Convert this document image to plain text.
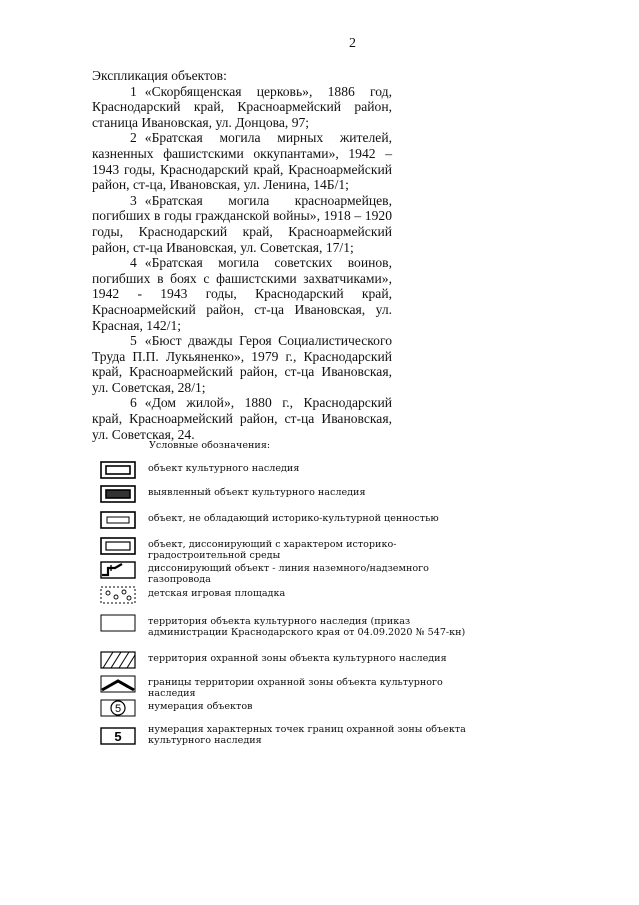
2

Экспликация объектов:

1 «Скорбященская церковь», 1886 год, Краснодарский край, Красноармейский район, станица Ивановская, ул. Донцова, 97;
2 «Братская могила мирных жителей, казненных фашистскими оккупантами», 1942 – 1943 годы, Краснодарский край, Красноармейский район, ст-ца, Ивановская, ул. Ленина, 14Б/1;
3 «Братская могила красноармейцев, погибших в годы гражданской войны», 1918 – 1920 годы, Краснодарский край, Красноармейский район, ст-ца Ивановская, ул. Советская, 17/1;
4 «Братская могила советских воинов, погибших в боях с фашистскими захватчиками», 1942 - 1943 годы, Краснодарский край, Красноармейский район, ст-ца Ивановская, ул. Красная, 142/1;
5 «Бюст дважды Героя Социалистического Труда П.П. Лукьяненко», 1979 г., Краснодарский край, Красноармейский район, ст-ца Ивановская, ул. Советская, 28/1;
6 «Дом жилой», 1880 г., Краснодарский край, Красноармейский район, ст-ца Ивановская, ул. Советская, 24.
Условные обозначения:
объект культурного наследия
выявленный объект культурного наследия
объект, не обладающий историко-культурной ценностью
объект, диссонирующий с характером историко-градостроительной среды
диссонирующий объект - линия наземного/надземного газопровода
детская игровая площадка
территория объекта культурного наследия (приказ администрации Краснодарского края от 04.09.2020 № 547-кн)
территория охранной зоны объекта культурного наследия
границы территории охранной зоны объекта культурного наследия
5	нумерация объектов
5	нумерация характерных точек границ охранной зоны объекта культурного наследия
